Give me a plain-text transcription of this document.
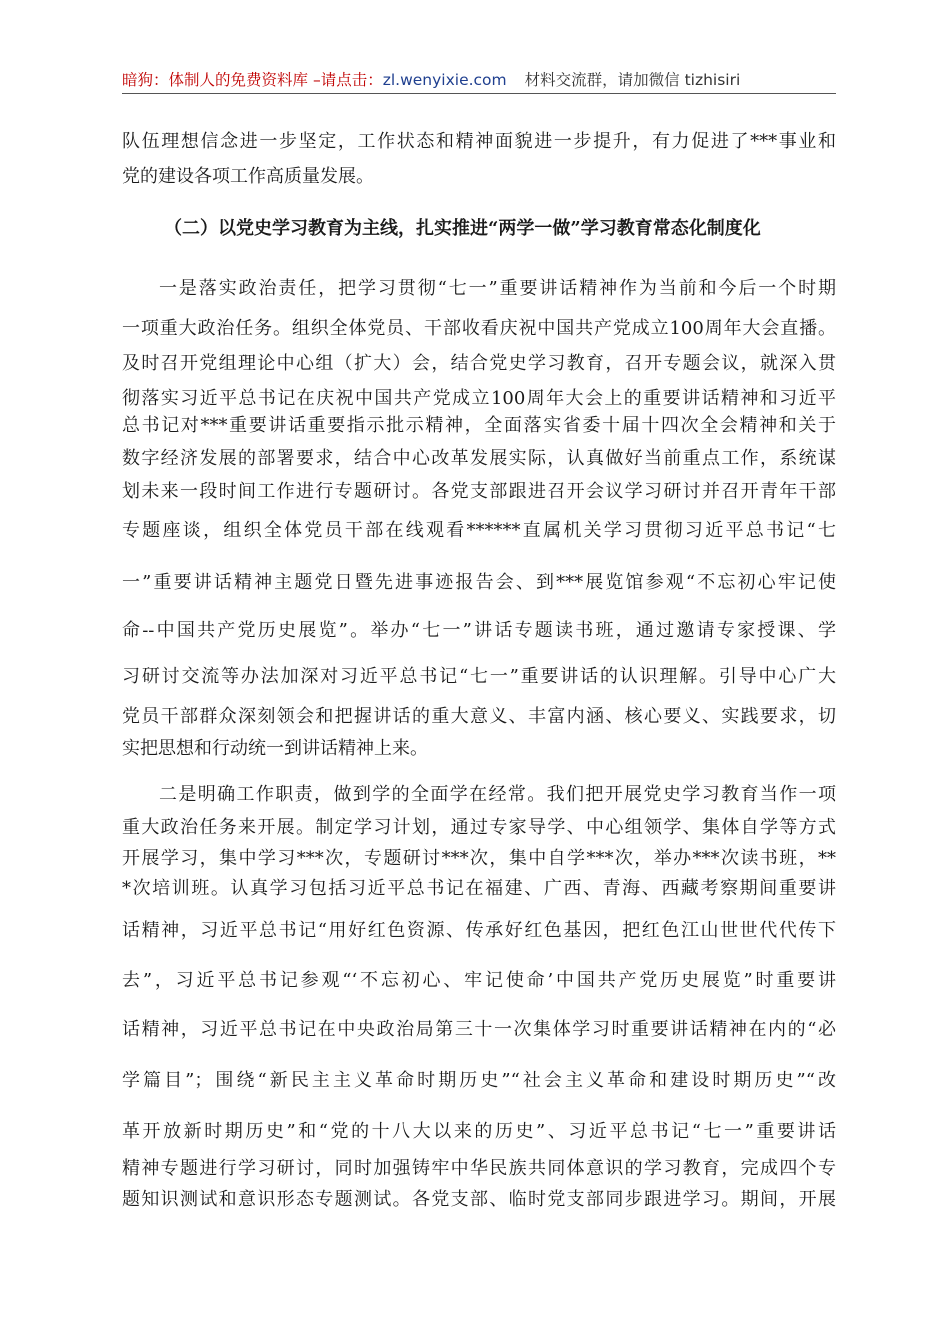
暗狗：体制人的免费资料库 –请点击：zl.wenyixie.com 材料交流群，请加微信 tizhisiri
队伍理想信念进一步坚定，工作状态和精神面貌进一步提升，有力促进了***事业和
党的建设各项工作高质量发展。
（二）以党史学习教育为主线，扎实推进“两学一做”学习教育常态化制度化
一是落实政治责任，把学习贯彻“七一”重要讲话精神作为当前和今后一个时期
一项重大政治任务。组织全体党员、干部收看庆祝中国共产党成立100周年大会直播。
及时召开党组理论中心组（扩大）会，结合党史学习教育，召开专题会议，就深入贯
彻落实习近平总书记在庆祝中国共产党成立100周年大会上的重要讲话精神和习近平
总书记对***重要讲话重要指示批示精神，全面落实省委十届十四次全会精神和关于
数字经济发展的部署要求，结合中心改革发展实际，认真做好当前重点工作，系统谋
划未来一段时间工作进行专题研讨。各党支部跟进召开会议学习研讨并召开青年干部
专题座谈，组织全体党员干部在线观看******直属机关学习贯彻习近平总书记“七
一”重要讲话精神主题党日暨先进事迹报告会、到***展览馆参观“不忘初心牢记使
命--中国共产党历史展览”。举办“七一”讲话专题读书班，通过邀请专家授课、学
习研讨交流等办法加深对习近平总书记“七一”重要讲话的认识理解。引导中心广大
党员干部群众深刻领会和把握讲话的重大意义、丰富内涵、核心要义、实践要求，切
实把思想和行动统一到讲话精神上来。
二是明确工作职责，做到学的全面学在经常。我们把开展党史学习教育当作一项
重大政治任务来开展。制定学习计划，通过专家导学、中心组领学、集体自学等方式
开展学习，集中学习***次，专题研讨***次，集中自学***次，举办***次读书班，**
*次培训班。认真学习包括习近平总书记在福建、广西、青海、西藏考察期间重要讲
话精神，习近平总书记“用好红色资源、传承好红色基因，把红色江山世世代代传下
去”，习近平总书记参观“‘不忘初心、牢记使命’中国共产党历史展览”时重要讲
话精神，习近平总书记在中央政治局第三十一次集体学习时重要讲话精神在内的“必
学篇目”；围绕“新民主主义革命时期历史”“社会主义革命和建设时期历史”“改
革开放新时期历史”和“党的十八大以来的历史”、习近平总书记“七一”重要讲话
精神专题进行学习研讨，同时加强铸牢中华民族共同体意识的学习教育，完成四个专
题知识测试和意识形态专题测试。各党支部、临时党支部同步跟进学习。期间，开展
